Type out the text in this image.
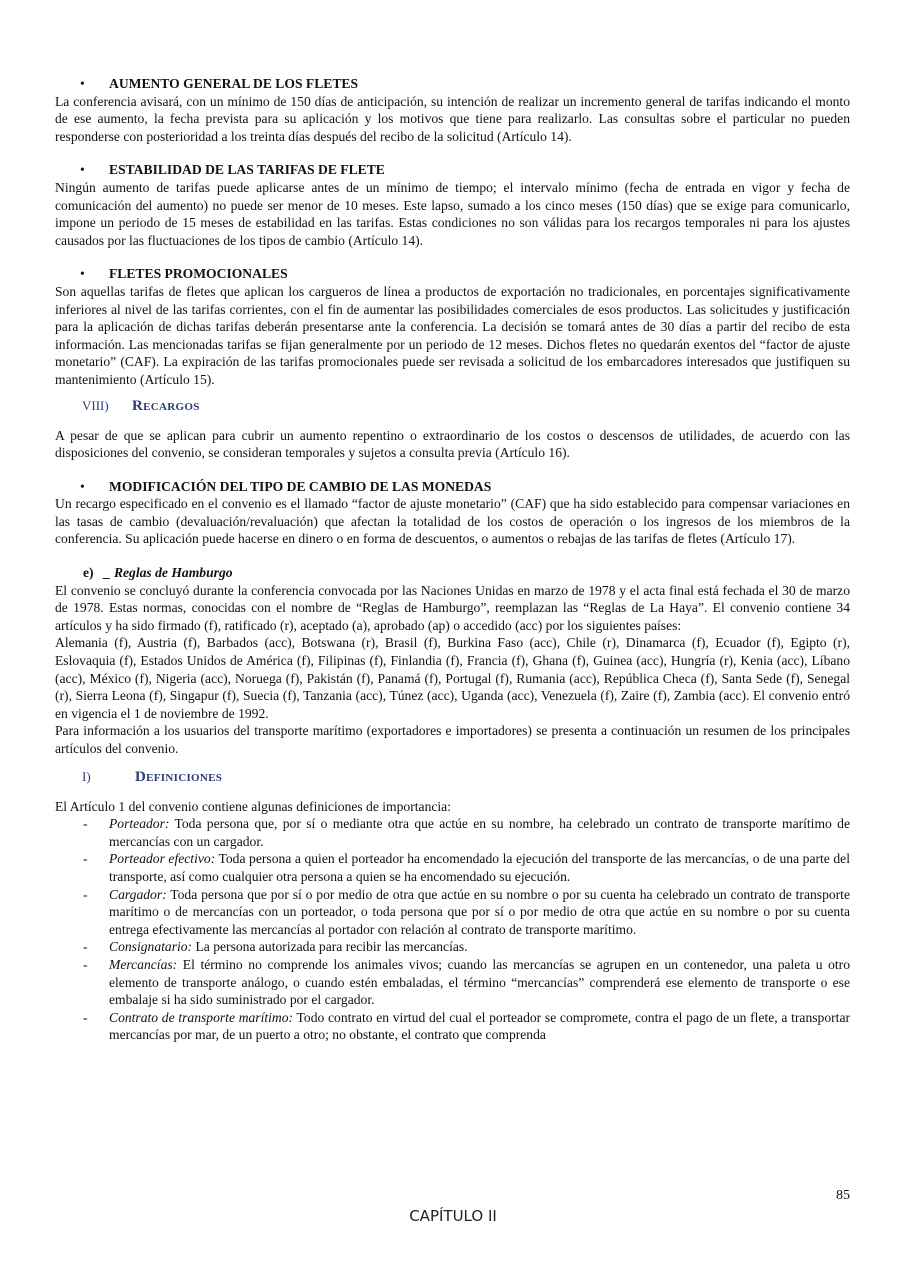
• AUMENTO GENERAL DE LOS FLETES

La conferencia avisará, con un mínimo de 150 días de anticipación, su intención de realizar un incremento general de tarifas indicando el monto de ese aumento, la fecha prevista para su aplicación y los motivos que tiene para realizarlo. Las consultas sobre el particular no pueden responderse con posterioridad a los treinta días después del recibo de la solicitud (Artículo 14).

• ESTABILIDAD DE LAS TARIFAS DE FLETE

Ningún aumento de tarifas puede aplicarse antes de un mínimo de tiempo; el intervalo mínimo (fecha de entrada en vigor y fecha de comunicación del aumento) no puede ser menor de 10 meses. Este lapso, sumado a los cinco meses (150 días) que se exige para comunicarlo, impone un periodo de 15 meses de estabilidad en las tarifas. Estas condiciones no son válidas para los recargos temporales ni para los ajustes causados por las fluctuaciones de los tipos de cambio (Artículo 14).

• FLETES PROMOCIONALES

Son aquellas tarifas de fletes que aplican los cargueros de línea a productos de exportación no tradicionales, en porcentajes significativamente inferiores al nivel de las tarifas corrientes, con el fin de aumentar las posibilidades comerciales de esos productos. Las solicitudes y justificación para la aplicación de dichas tarifas deberán presentarse ante la conferencia. La decisión se tomará antes de 30 días a partir del recibo de esta información. Las mencionadas tarifas se fijan generalmente por un periodo de 12 meses. Dichos fletes no quedarán exentos del “factor de ajuste monetario” (CAF). La expiración de las tarifas promocionales puede ser revisada a solicitud de los embarcadores interesados que justifiquen su mantenimiento (Artículo 15).

VIII) Recargos

A pesar de que se aplican para cubrir un aumento repentino o extraordinario de los costos o descensos de utilidades, de acuerdo con las disposiciones del convenio, se consideran temporales y sujetos a consulta previa (Artículo 16).

• MODIFICACIÓN DEL TIPO DE CAMBIO DE LAS MONEDAS

Un recargo especificado en el convenio es el llamado “factor de ajuste monetario” (CAF) que ha sido establecido para compensar variaciones en las tasas de cambio (devaluación/revaluación) que afectan la totalidad de los costos de operación o los ingresos de los miembros de la conferencia. Su aplicación puede hacerse en dinero o en forma de descuentos, o aumentos o rebajas de las tarifas de fletes (Artículo 17).

e) _ Reglas de Hamburgo

El convenio se concluyó durante la conferencia convocada por las Naciones Unidas en marzo de 1978 y el acta final está fechada el 30 de marzo de 1978. Estas normas, conocidas con el nombre de “Reglas de Hamburgo”, reemplazan las “Reglas de La Haya”. El convenio contiene 34 artículos y ha sido firmado (f), ratificado (r), aceptado (a), aprobado (ap) o accedido (acc) por los siguientes países:

Alemania (f), Austria (f), Barbados (acc), Botswana (r), Brasil (f), Burkina Faso (acc), Chile (r), Dinamarca (f), Ecuador (f), Egipto (r), Eslovaquia (f), Estados Unidos de América (f), Filipinas (f), Finlandia (f), Francia (f), Ghana (f), Guinea (acc), Hungría (r), Kenia (acc), Líbano (acc), México (f), Nigeria (acc), Noruega (f), Pakistán (f), Panamá (f), Portugal (f), Rumania (acc), República Checa (f), Santa Sede (f), Senegal (r), Sierra Leona (f), Singapur (f), Suecia (f), Tanzania (acc), Túnez (acc), Uganda (acc), Venezuela (f), Zaire (f), Zambia (acc). El convenio entró en vigencia el 1 de noviembre de 1992.

Para información a los usuarios del transporte marítimo (exportadores e importadores) se presenta a continuación un resumen de los principales artículos del convenio.

I)	Definiciones

El Artículo 1 del convenio contiene algunas definiciones de importancia:

- Porteador: Toda persona que, por sí o mediante otra que actúe en su nombre, ha celebrado un contrato de transporte marítimo de mercancías con un cargador.
- Porteador efectivo: Toda persona a quien el porteador ha encomendado la ejecución del transporte de las mercancías, o de una parte del transporte, así como cualquier otra persona a quien se ha encomendado su ejecución.
- Cargador: Toda persona que por sí o por medio de otra que actúe en su nombre o por su cuenta ha celebrado un contrato de transporte marítimo o de mercancías con un porteador, o toda persona que por sí o por medio de otra que actúe en su nombre o por su cuenta entrega efectivamente las mercancías al portador con relación al contrato de transporte marítimo.
- Consignatario: La persona autorizada para recibir las mercancías.
- Mercancías: El término no comprende los animales vivos; cuando las mercancías se agrupen en un contenedor, una paleta u otro elemento de transporte análogo, o cuando estén embaladas, el término “mercancías” comprenderá ese elemento de transporte o ese embalaje si ha sido suministrado por el cargador.
- Contrato de transporte marítimo: Todo contrato en virtud del cual el porteador se compromete, contra el pago de un flete, a transportar mercancías por mar, de un puerto a otro; no obstante, el contrato que comprenda
85
CAPÍTULO II
